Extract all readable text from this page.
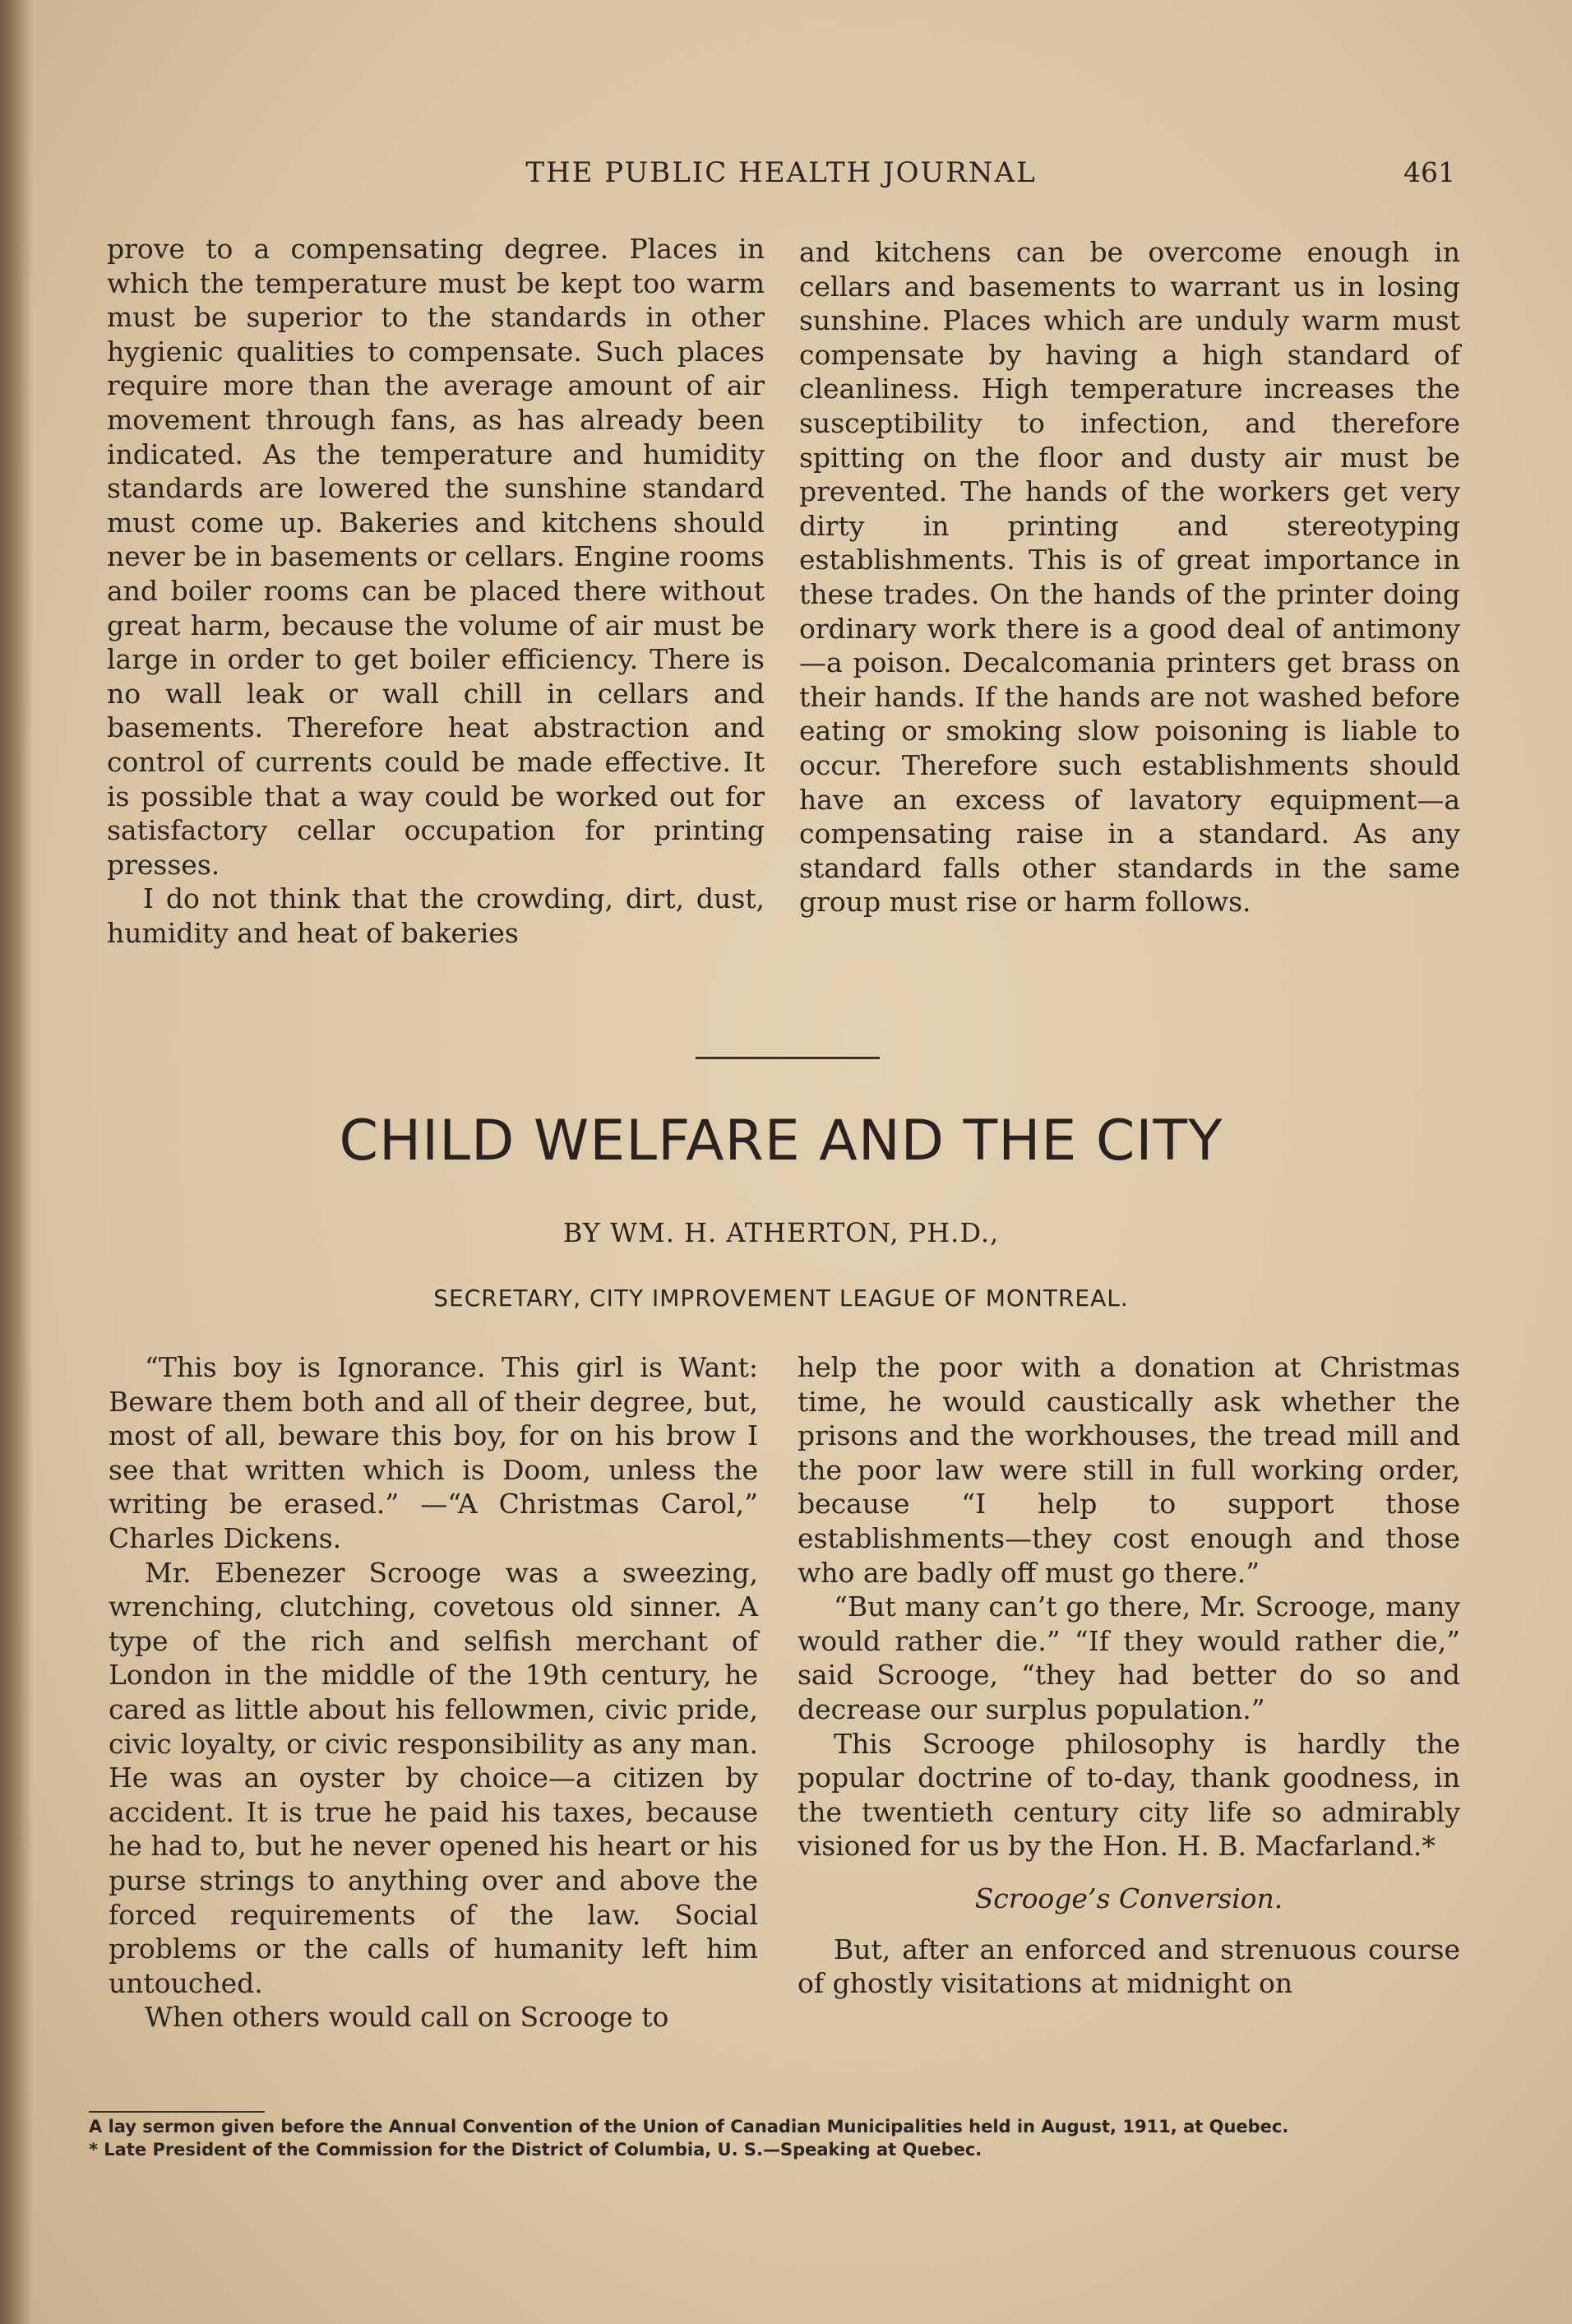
THE PUBLIC HEALTH JOURNAL	461

prove to a compensating degree. Places in which the temperature must be kept too warm must be superior to the standards in other hygienic qualities to compensate. Such places require more than the average amount of air movement through fans, as has already been indicated. As the temperature and humidity standards are lowered the sunshine standard must come up. Bakeries and kitchens should never be in basements or cellars. Engine rooms and boiler rooms can be placed there without great harm, because the volume of air must be large in order to get boiler efficiency. There is no wall leak or wall chill in cellars and basements. Therefore heat abstraction and control of currents could be made effective. It is possible that a way could be worked out for satisfactory cellar occupation for printing presses.

I do not think that the crowding, dirt, dust, humidity and heat of bakeries

and kitchens can be overcome enough in cellars and basements to warrant us in losing sunshine. Places which are unduly warm must compensate by having a high standard of cleanliness. High temperature increases the susceptibility to infection, and therefore spitting on the floor and dusty air must be prevented. The hands of the workers get very dirty in printing and stereotyping establishments. This is of great importance in these trades. On the hands of the printer doing ordinary work there is a good deal of antimony —a poison. Decalcomania printers get brass on their hands. If the hands are not washed before eating or smoking slow poisoning is liable to occur. Therefore such establishments should have an excess of lavatory equipment—a compensating raise in a standard. As any standard falls other standards in the same group must rise or harm follows.

CHILD WELFARE AND THE CITY
BY WM. H. ATHERTON, PH.D.,
SECRETARY, CITY IMPROVEMENT LEAGUE OF MONTREAL.

“This boy is Ignorance. This girl is Want: Beware them both and all of their degree, but, most of all, beware this boy, for on his brow I see that written which is Doom, unless the writing be erased.” —“A Christmas Carol,” Charles Dickens.

Mr. Ebenezer Scrooge was a sweezing, wrenching, clutching, covetous old sinner. A type of the rich and selfish merchant of London in the middle of the 19th century, he cared as little about his fellowmen, civic pride, civic loyalty, or civic responsibility as any man. He was an oyster by choice—a citizen by accident. It is true he paid his taxes, because he had to, but he never opened his heart or his purse strings to anything over and above the forced requirements of the law. Social problems or the calls of humanity left him untouched.

When others would call on Scrooge to

help the poor with a donation at Christmas time, he would caustically ask whether the prisons and the workhouses, the tread mill and the poor law were still in full working order, because “I help to support those establishments—they cost enough and those who are badly off must go there.”

“But many can’t go there, Mr. Scrooge, many would rather die.” “If they would rather die,” said Scrooge, “they had better do so and decrease our surplus population.”

This Scrooge philosophy is hardly the popular doctrine of to-day, thank goodness, in the twentieth century city life so admirably visioned for us by the Hon. H. B. Macfarland.*

Scrooge’s Conversion.

But, after an enforced and strenuous course of ghostly visitations at midnight on

A lay sermon given before the Annual Convention of the Union of Canadian Municipalities held in August, 1911, at Quebec.
* Late President of the Commission for the District of Columbia, U. S.—Speaking at Quebec.
